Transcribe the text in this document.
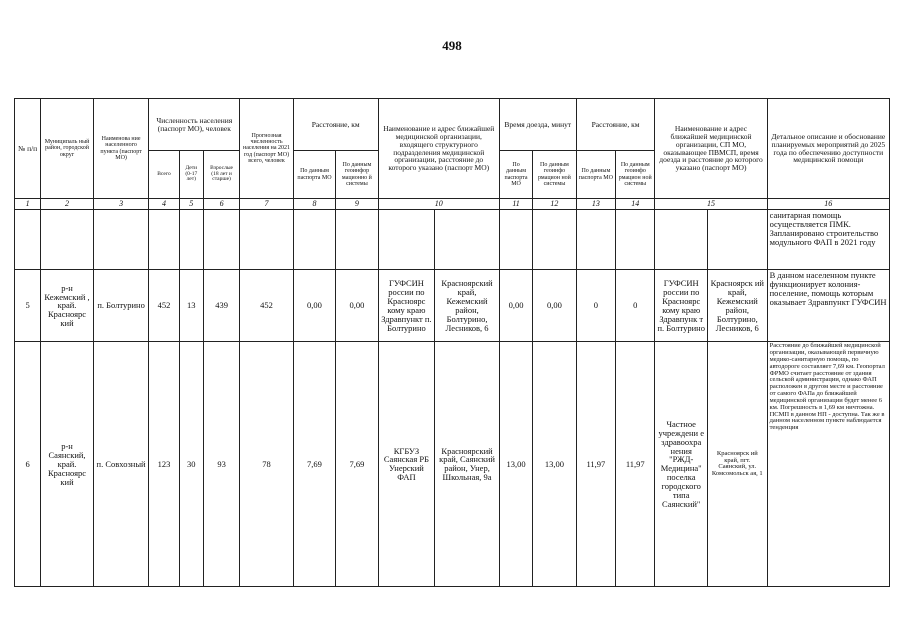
498
№ п/п	Муниципаль ный район, городской округ	Наименова ние населенного пункта (паспорт МО)	Численность населения (паспорт МО), человек			Прогнозная численность населения на 2021 год (паспорт МО) всего, человек	Расстояние, км		Наименование и адрес ближайшей медицинской организации, входящего структурного подразделения медицинской организации, расстояние до которого указано (паспорт МО)		Время доезда, минут		Расстояние, км		Наименование и адрес ближайшей медицинской организации, СП МО, оказывающее ПВМСП, время доезда и расстояние до которого указано (паспорт МО)		Детальное описание и обоснование планируемых мероприятий до 2025 года по обеспечению доступности медицинской помощи
			Всего	Дети (0-17 лет)	Взрослые (18 лет и старше)		По данным паспорта МО	По данным геоинфор мационно й системы			По данным паспорта МО	По данным геоинфо рмацион ной системы	По данным паспорта МО	По данным геоинфо рмацион ной системы			
1	2	3	4	5	6	7	8	9	10		11	12	13	14	15		16
																	санитарная помощь осуществляется ПМК. Запланировано строительство модульного ФАП в 2021 году
5	р-н Кежемский , край. Красноярс кий	п. Болтурино	452	13	439	452	0,00	0,00	ГУФСИН россии по Красноярс кому краю Здравпункт п. Болтурино	Красноярский край, Кежемский район, Болтурино, Лесников, 6	0,00	0,00	0	0	ГУФСИН россии по Красноярс кому краю Здравпунк т п. Болтурино	Красноярск ий край, Кежемский район, Болтурино, Лесников, 6	В данном населенном пункте функционирует колония-поселение, помощь которым оказывает Здравпункт ГУФСИН
6	р-н Саянский, край. Красноярс кий	п. Совхозный	123	30	93	78	7,69	7,69	КГБУЗ Саянская РБ Унерский ФАП	Красноярский край, Саянский район, Унер, Школьная, 9а	13,00	13,00	11,97	11,97	Частное учреждени е здравоохра нения "РЖД-Медицина" поселка городского типа Саянский"	Красноярск ий край, пгт. Саянский, ул. Комсомольск ая, 1	Расстояние до ближайшей медицинской организации, оказывающей первичную медико-санитарную помощь, по автодороге составляет 7,69 км. Геопортал ФРМО считает расстояние от здания сельской администрации, однако ФАП расположен в другом месте и расстояние от самого ФАПа до ближайшей медицинской организации будет менее 6 км. Погрешность в 1,69 км ничтожна. ПСМП в данном НП - доступна. Так же в данном населенном пункте наблюдается тенденция
